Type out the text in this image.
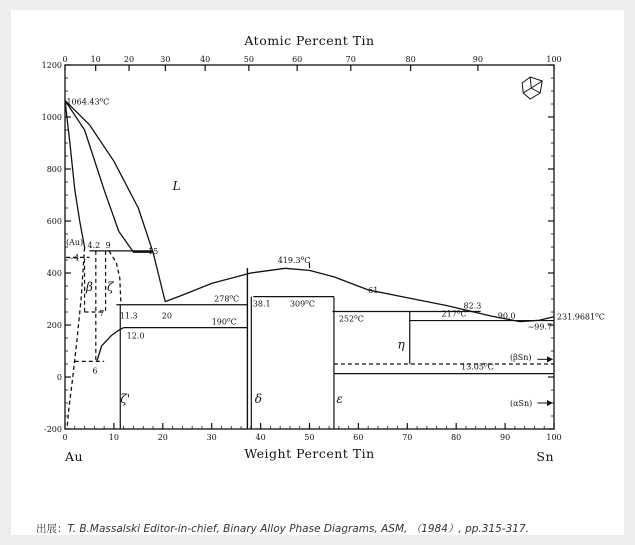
0	10	20	30	40	50	60	70	80	90	100
0	10	20	30	40	50	60	70	80	90	100
-200
0
200
400
600
800
1000
1200
Atomic Percent Tin
Weight Percent Tin
Au	Sn
1064.43$^o$C
231.9681$^o$C
419.3$^o$C
278$^o$C
190$^o$C
309$^o$C
252$^o$C
217$^o$C
13.05$^o$C
(Au)
~4
4.2 9
~15
7
6
11.3
12.0
20
38.1
61
82.3
90.0
~99.7
L
β ζ
ζ'	δ	ε
η
(βSn)
(αSn)
出展：T. B.Massalski Editor-in-chief, Binary Alloy Phase Diagrams, ASM, （1984）, pp.315-317.
